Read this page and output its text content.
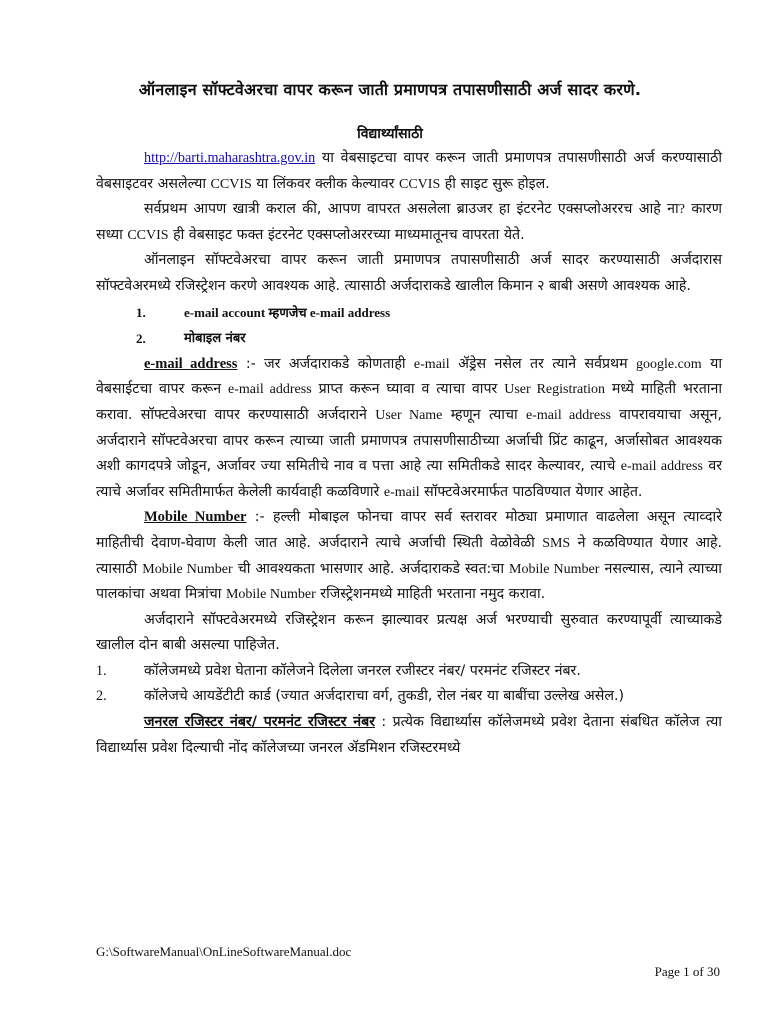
ऑनलाइन सॉफ्टवेअरचा वापर करून जाती प्रमाणपत्र तपासणीसाठी अर्ज सादर करणे.
विद्यार्थ्यांसाठी

http://barti.maharashtra.gov.in या वेबसाइटचा वापर करून जाती प्रमाणपत्र तपासणीसाठी अर्ज करण्यासाठी वेबसाइटवर असलेल्या CCVIS या लिंकवर क्लीक केल्यावर CCVIS ही साइट सुरू होइल.

सर्वप्रथम आपण खात्री कराल की, आपण वापरत असलेला ब्राउजर हा इंटरनेट एक्सप्लोअररच आहे ना? कारण सध्या CCVIS ही वेबसाइट फक्त इंटरनेट एक्सप्लोअररच्या माध्यमातूनच वापरता येते.

ऑनलाइन सॉफ्टवेअरचा वापर करून जाती प्रमाणपत्र तपासणीसाठी अर्ज सादर करण्यासाठी अर्जदारास सॉफ्टवेअरमध्ये रजिस्ट्रेशन करणे आवश्यक आहे. त्यासाठी अर्जदाराकडे खालील किमान २ बाबी असणे आवश्यक आहे.

1.	e-mail account म्हणजेच e-mail address
2.	मोबाइल नंबर

e-mail address :- जर अर्जदाराकडे कोणताही e-mail ॲड्रेस नसेल तर त्याने सर्वप्रथम google.com या वेबसाईटचा वापर करून e-mail address प्राप्त करून घ्यावा व त्याचा वापर User Registration मध्ये माहिती भरताना करावा. सॉफ्टवेअरचा वापर करण्यासाठी अर्जदाराने User Name म्हणून त्याचा e-mail address वापरावयाचा असून, अर्जदाराने सॉफ्टवेअरचा वापर करून त्याच्या जाती प्रमाणपत्र तपासणीसाठीच्या अर्जाची प्रिंट काढून, अर्जासोबत आवश्यक अशी कागदपत्रे जोडून, अर्जावर ज्या समितीचे नाव व पत्ता आहे त्या समितीकडे सादर केल्यावर, त्याचे e-mail address वर त्याचे अर्जावर समितीमार्फत केलेली कार्यवाही कळविणारे e-mail सॉफ्टवेअरमार्फत पाठविण्यात येणार आहेत.

Mobile Number :- हल्ली मोबाइल फोनचा वापर सर्व स्तरावर मोठ्या प्रमाणात वाढलेला असून त्याव्दारे माहितीची देवाण-घेवाण केली जात आहे. अर्जदाराने त्याचे अर्जाची स्थिती वेळोवेळी SMS ने कळविण्यात येणार आहे. त्यासाठी Mobile Number ची आवश्यकता भासणार आहे. अर्जदाराकडे स्वत:चा Mobile Number नसल्यास, त्याने त्याच्या पालकांचा अथवा मित्रांचा Mobile Number रजिस्ट्रेशनमध्ये माहिती भरताना नमुद करावा.

अर्जदाराने सॉफ्टवेअरमध्ये रजिस्ट्रेशन करून झाल्यावर प्रत्यक्ष अर्ज भरण्याची सुरुवात करण्यापूर्वी त्याच्याकडे खालील दोन बाबी असल्या पाहिजेत.

1.	कॉलेजमध्ये प्रवेश घेताना कॉलेजने दिलेला जनरल रजीस्टर नंबर/ परमनंट रजिस्टर नंबर.
2.	कॉलेजचे आयडेंटीटी कार्ड (ज्यात अर्जदाराचा वर्ग, तुकडी, रोल नंबर या बाबींचा उल्लेख असेल.)

जनरल रजिस्टर नंबर/ परमनंट रजिस्टर नंबर : प्रत्येक विद्यार्थ्यास कॉलेजमध्ये प्रवेश देताना संबधित कॉलेज त्या विद्यार्थ्यास प्रवेश दिल्याची नोंद कॉलेजच्या जनरल ॲडमिशन रजिस्टरमध्ये

G:\SoftwareManual\OnLineSoftwareManual.doc
Page 1 of 30
